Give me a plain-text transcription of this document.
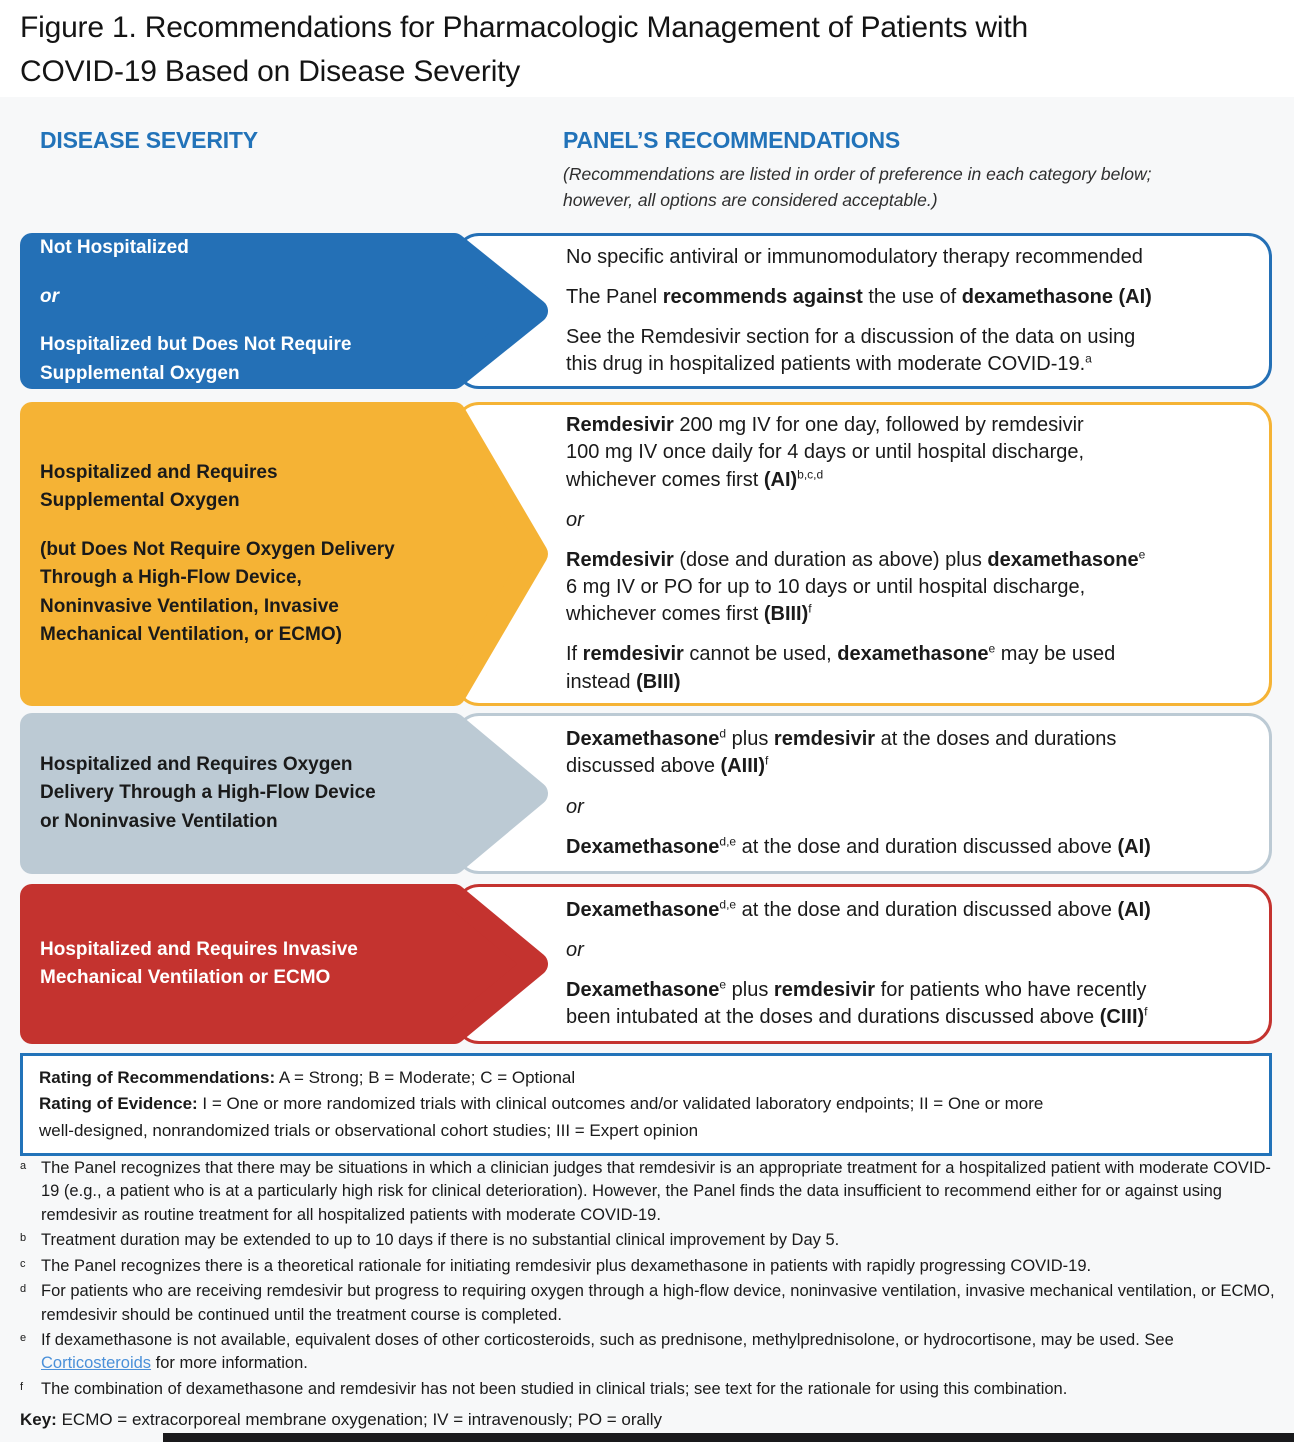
Figure 1. Recommendations for Pharmacologic Management of Patients with
COVID-19 Based on Disease Severity
DISEASE SEVERITY	PANEL’S RECOMMENDATIONS
(Recommendations are listed in order of preference in each category below;
however, all options are considered acceptable.)

No specific antiviral or immunomodulatory therapy recommended

The Panel recommends against the use of dexamethasone (AI)

See the Remdesivir section for a discussion of the data on using
this drug in hospitalized patients with moderate COVID-19.$^a$

Not Hospitalized

or

Hospitalized but Does Not Require
Supplemental Oxygen

Remdesivir 200 mg IV for one day, followed by remdesivir
100 mg IV once daily for 4 days or until hospital discharge,
whichever comes first (AI)$^{b,c,d}$

or

Remdesivir (dose and duration as above) plus dexamethasone$^e$
6 mg IV or PO for up to 10 days or until hospital discharge,
whichever comes first (BIII)$^f$

If remdesivir cannot be used, dexamethasone$^e$ may be used
instead (BIII)

Hospitalized and Requires
Supplemental Oxygen

(but Does Not Require Oxygen Delivery
Through a High-Flow Device,
Noninvasive Ventilation, Invasive
Mechanical Ventilation, or ECMO)

Dexamethasone$^d$ plus remdesivir at the doses and durations
discussed above (AIII)$^f$

or

Dexamethasone$^{d,e}$ at the dose and duration discussed above (AI)

Hospitalized and Requires Oxygen
Delivery Through a High-Flow Device
or Noninvasive Ventilation

Dexamethasone$^{d,e}$ at the dose and duration discussed above (AI)

or

Dexamethasone$^e$ plus remdesivir for patients who have recently
been intubated at the doses and durations discussed above (CIII)$^f$

Hospitalized and Requires Invasive
Mechanical Ventilation or ECMO

Rating of Recommendations: A = Strong; B = Moderate; C = Optional

Rating of Evidence: I = One or more randomized trials with clinical outcomes and/or validated laboratory endpoints; II = One or more
well-designed, nonrandomized trials or observational cohort studies; III = Expert opinion

a The Panel recognizes that there may be situations in which a clinician judges that remdesivir is an appropriate treatment for a hospitalized patient with moderate COVID-19 (e.g., a patient who is at a particularly high risk for clinical deterioration). However, the Panel finds the data insufficient to recommend either for or against using remdesivir as routine treatment for all hospitalized patients with moderate COVID-19.
b Treatment duration may be extended to up to 10 days if there is no substantial clinical improvement by Day 5.
c The Panel recognizes there is a theoretical rationale for initiating remdesivir plus dexamethasone in patients with rapidly progressing COVID-19.
d For patients who are receiving remdesivir but progress to requiring oxygen through a high-flow device, noninvasive ventilation, invasive mechanical ventilation, or ECMO, remdesivir should be continued until the treatment course is completed.
e If dexamethasone is not available, equivalent doses of other corticosteroids, such as prednisone, methylprednisolone, or hydrocortisone, may be used. See Corticosteroids for more information.
f	The combination of dexamethasone and remdesivir has not been studied in clinical trials; see text for the rationale for using this combination.
Key: ECMO = extracorporeal membrane oxygenation; IV = intravenously; PO = orally
